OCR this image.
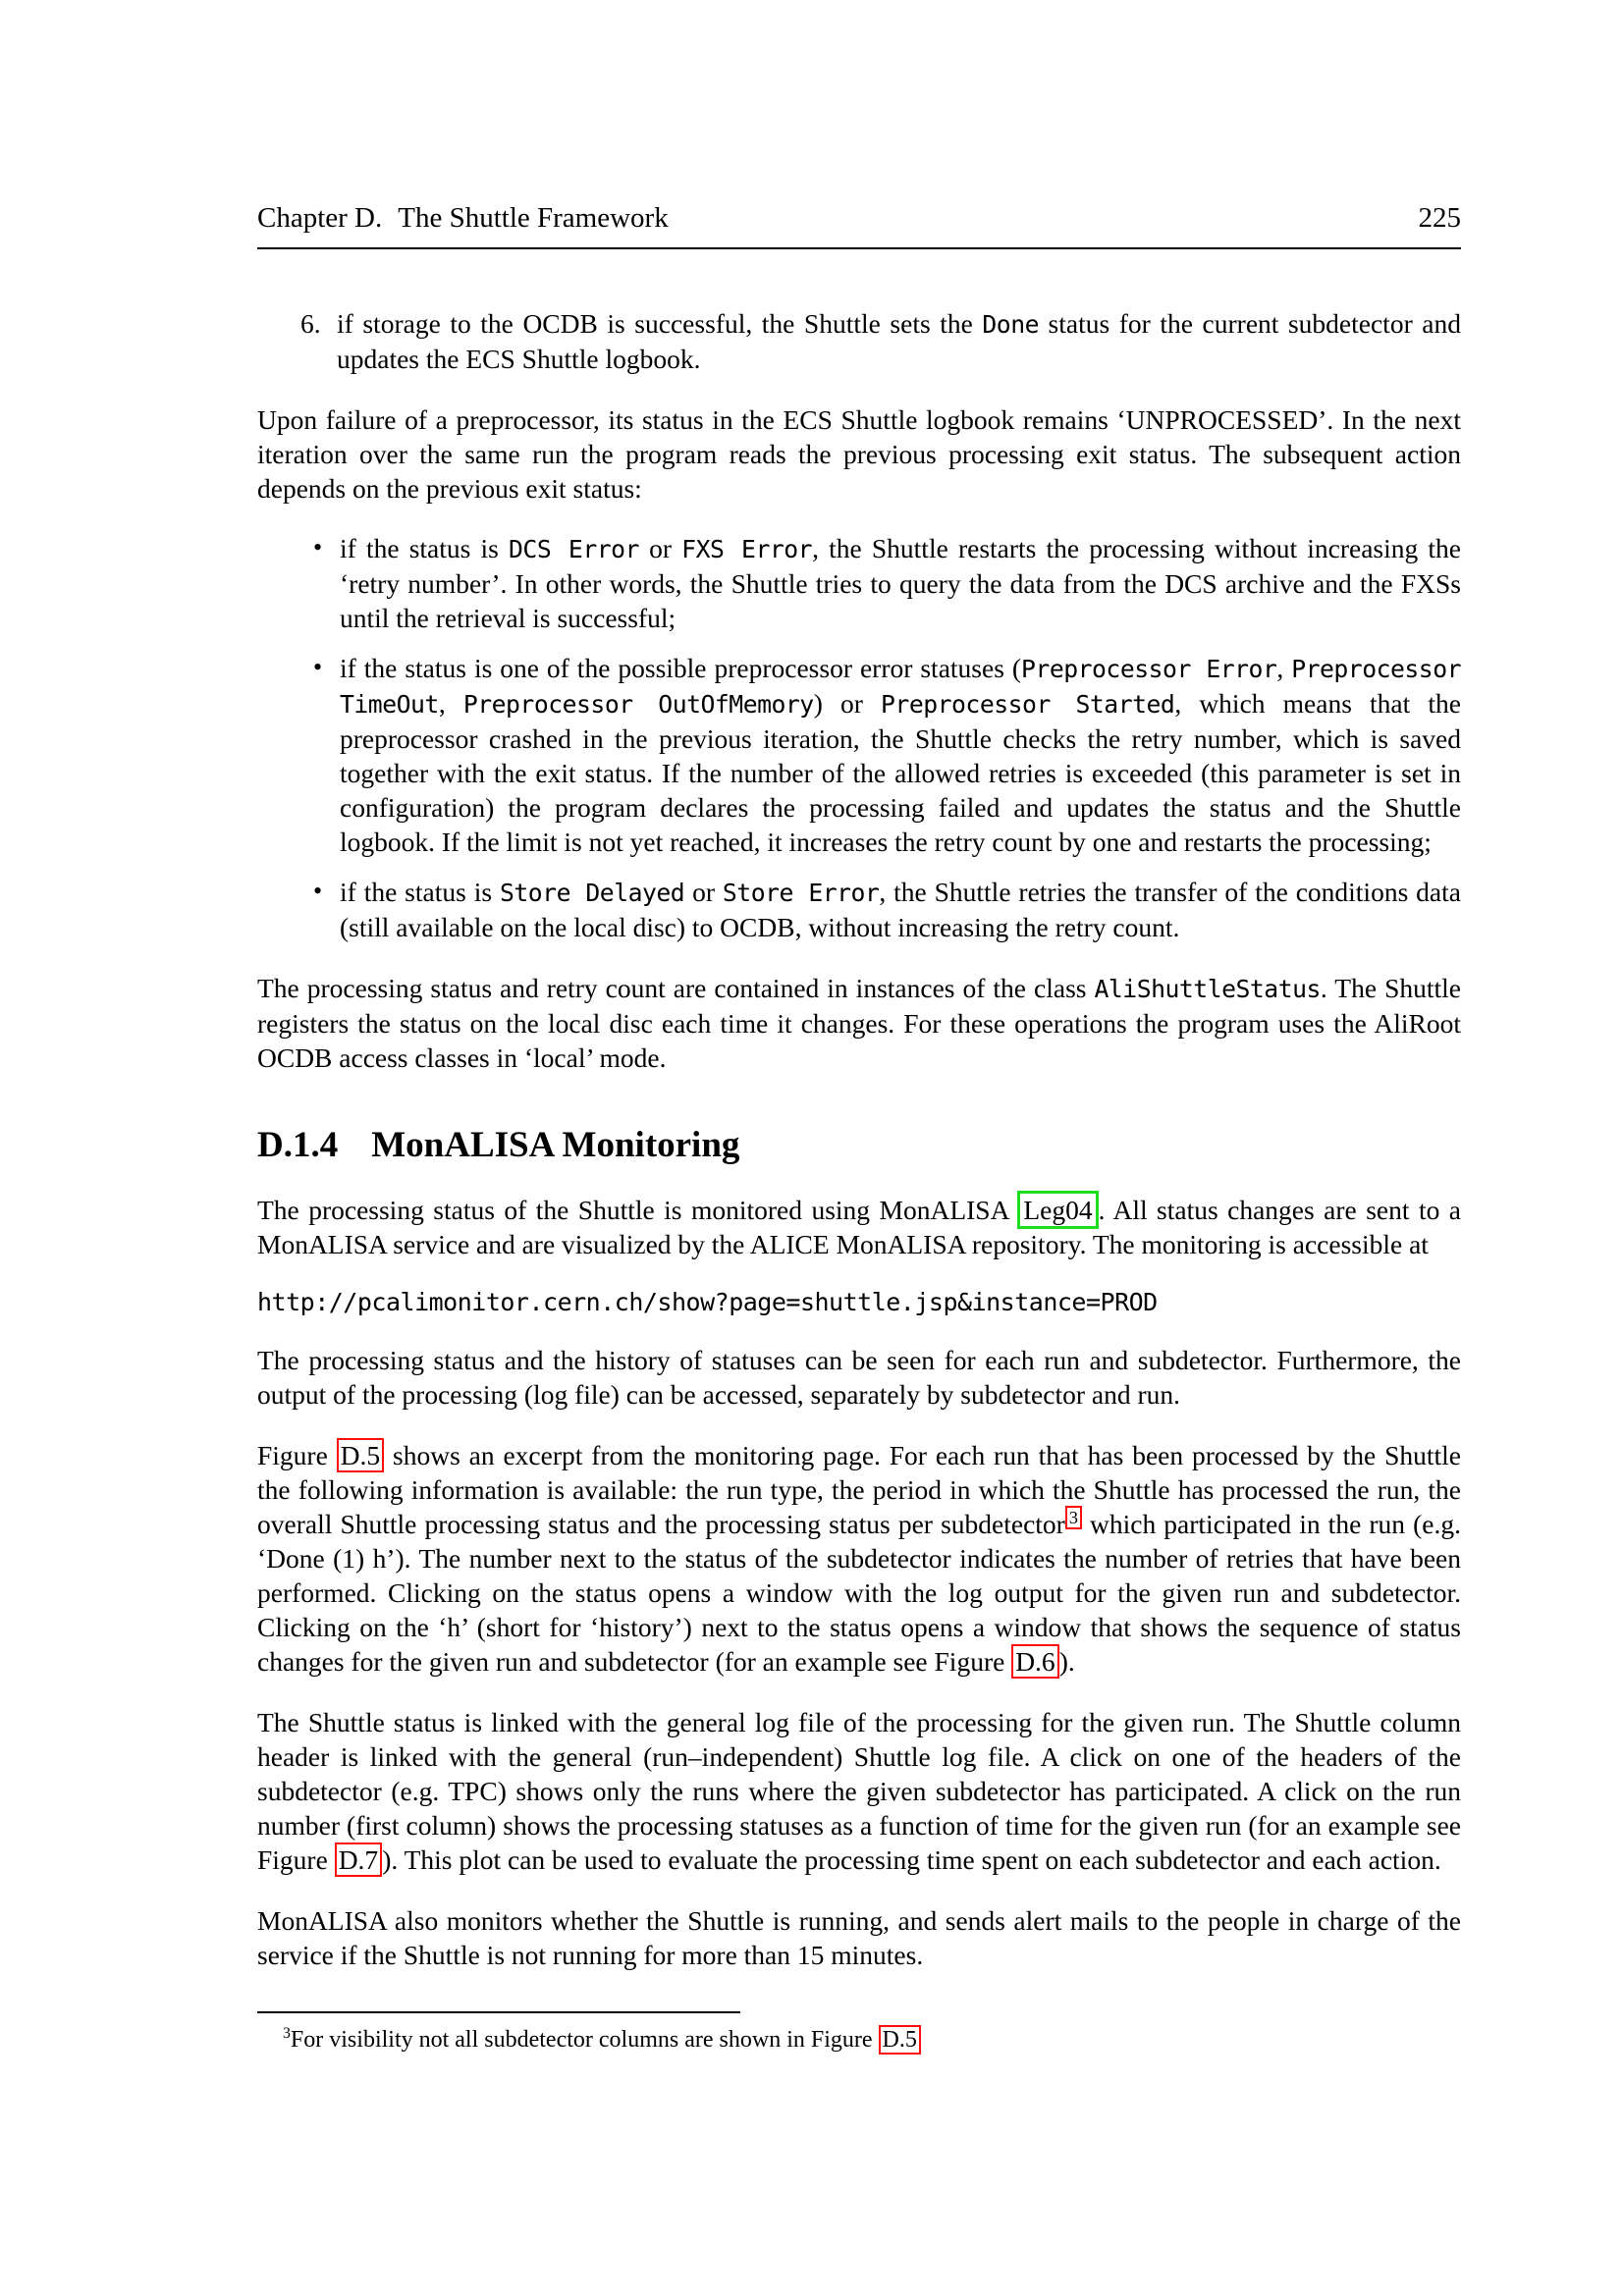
Chapter D. The Shuttle Framework	225
6. if storage to the OCDB is successful, the Shuttle sets the Done status for the current subdetector and updates the ECS Shuttle logbook.

Upon failure of a preprocessor, its status in the ECS Shuttle logbook remains ‘UNPROCESSED’. In the next iteration over the same run the program reads the previous processing exit status. The subsequent action depends on the previous exit status:

• if the status is DCS Error or FXS Error, the Shuttle restarts the processing without increasing the ‘retry number’. In other words, the Shuttle tries to query the data from the DCS archive and the FXSs until the retrieval is successful;
• if the status is one of the possible preprocessor error statuses (Preprocessor Error, Preprocessor TimeOut, Preprocessor OutOfMemory) or Preprocessor Started, which means that the preprocessor crashed in the previous iteration, the Shuttle checks the retry number, which is saved together with the exit status. If the number of the allowed retries is exceeded (this parameter is set in configuration) the program declares the processing failed and updates the status and the Shuttle logbook. If the limit is not yet reached, it increases the retry count by one and restarts the processing;
• if the status is Store Delayed or Store Error, the Shuttle retries the transfer of the conditions data (still available on the local disc) to OCDB, without increasing the retry count.

The processing status and retry count are contained in instances of the class AliShuttleStatus. The Shuttle registers the status on the local disc each time it changes. For these operations the program uses the AliRoot OCDB access classes in ‘local’ mode.

D.1.4 MonALISA Monitoring

The processing status of the Shuttle is monitored using MonALISA Leg04 . All status changes are sent to a MonALISA service and are visualized by the ALICE MonALISA repository. The monitoring is accessible at

http://pcalimonitor.cern.ch/show?page=shuttle.jsp&instance=PROD

The processing status and the history of statuses can be seen for each run and subdetector. Furthermore, the output of the processing (log file) can be accessed, separately by subdetector and run.

Figure D.5 shows an excerpt from the monitoring page. For each run that has been processed by the Shuttle the following information is available: the run type, the period in which the Shuttle has processed the run, the overall Shuttle processing status and the processing status per subdetector $^3$ which participated in the run (e.g. ‘Done (1) h’). The number next to the status of the subdetector indicates the number of retries that have been performed. Clicking on the status opens a window with the log output for the given run and subdetector. Clicking on the ‘h’ (short for ‘history’) next to the status opens a window that shows the sequence of status changes for the given run and subdetector (for an example see Figure D.6 ).

The Shuttle status is linked with the general log file of the processing for the given run. The Shuttle column header is linked with the general (run–independent) Shuttle log file. A click on one of the headers of the subdetector (e.g. TPC) shows only the runs where the given subdetector has participated. A click on the run number (first column) shows the processing statuses as a function of time for the given run (for an example see Figure D.7 ). This plot can be used to evaluate the processing time spent on each subdetector and each action.

MonALISA also monitors whether the Shuttle is running, and sends alert mails to the people in charge of the service if the Shuttle is not running for more than 15 minutes.

$^3$For visibility not all subdetector columns are shown in Figure D.5
